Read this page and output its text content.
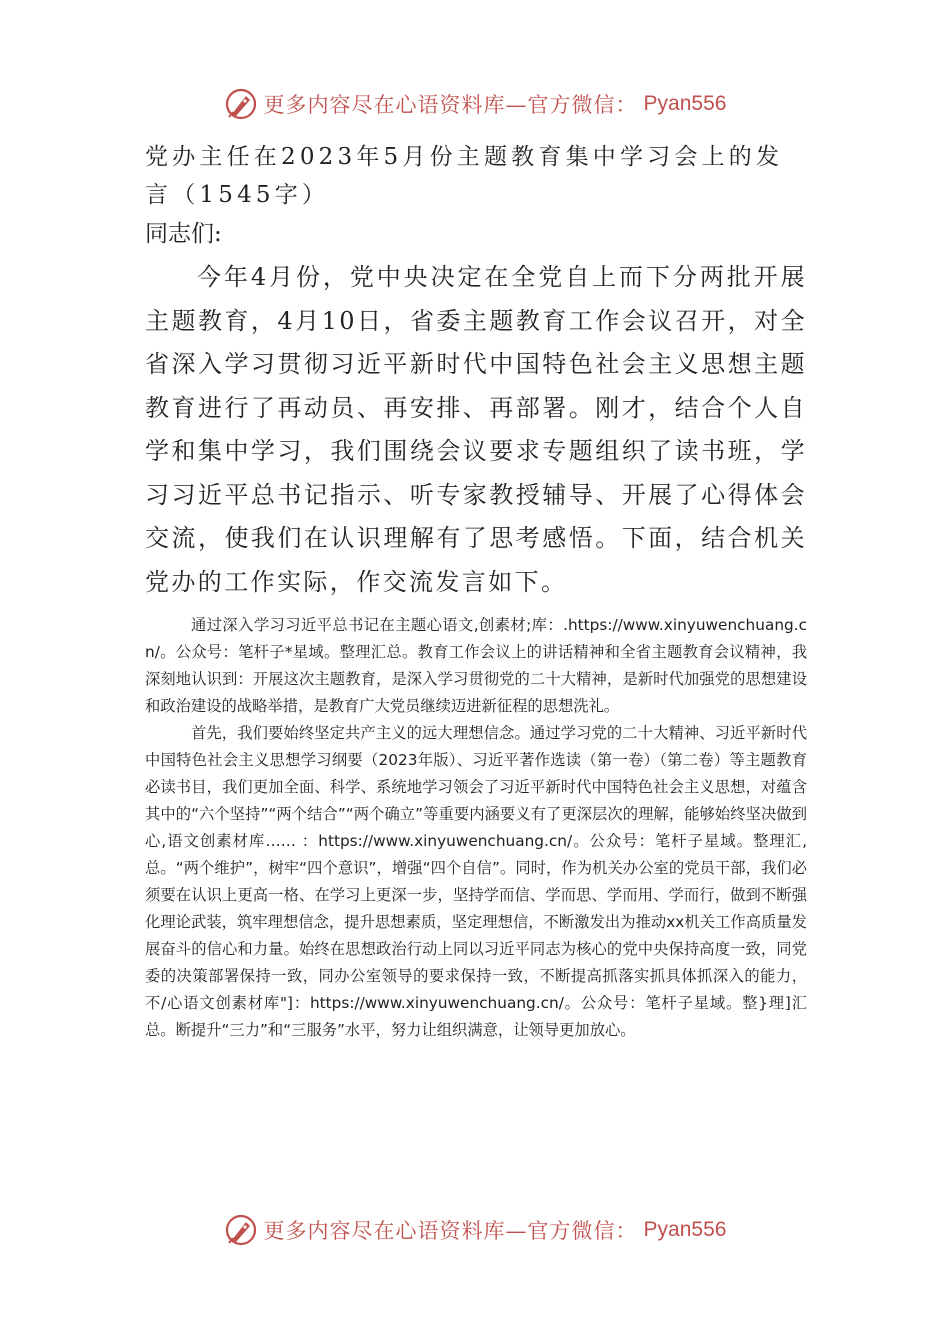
更多内容尽在心语资料库—官方微信： Pyan556
党办主任在2023年5月份主题教育集中学习会上的发言（1545字）

同志们:

今年4月份，党中央决定在全党自上而下分两批开展主题教育，4月10日，省委主题教育工作会议召开，对全省深入学习贯彻习近平新时代中国特色社会主义思想主题教育进行了再动员、再安排、再部署。刚才，结合个人自学和集中学习，我们围绕会议要求专题组织了读书班，学习习近平总书记指示、听专家教授辅导、开展了心得体会交流，使我们在认识理解有了思考感悟。下面，结合机关党办的工作实际，作交流发言如下。

通过深入学习习近平总书记在主题心语文,创素材;库：.https://www.xinyuwenchuang.cn/。公众号：笔杆子*星域。整理汇总。教育工作会议上的讲话精神和全省主题教育会议精神，我深刻地认识到：开展这次主题教育，是深入学习贯彻党的二十大精神，是新时代加强党的思想建设和政治建设的战略举措，是教育广大党员继续迈进新征程的思想洗礼。

首先，我们要始终坚定共产主义的远大理想信念。通过学习党的二十大精神、习近平新时代中国特色社会主义思想学习纲要（2023年版）、习近平著作选读（第一卷）（第二卷）等主题教育必读书目，我们更加全面、科学、系统地学习领会了习近平新时代中国特色社会主义思想，对蕴含其中的“六个坚持”“两个结合”“两个确立”等重要内涵要义有了更深层次的理解，能够始终坚决做到心,语文创素材库…… ：https://www.xinyuwenchuang.cn/。公众号：笔杆子星域。整理汇,总。“两个维护”，树牢“四个意识”，增强“四个自信”。同时，作为机关办公室的党员干部，我们必须要在认识上更高一格、在学习上更深一步，坚持学而信、学而思、学而用、学而行，做到不断强化理论武装，筑牢理想信念，提升思想素质，坚定理想信，不断激发出为推动xx机关工作高质量发展奋斗的信心和力量。始终在思想政治行动上同以习近平同志为核心的党中央保持高度一致，同党委的决策部署保持一致，同办公室领导的要求保持一致，不断提高抓落实抓具体抓深入的能力，不/心语文创素材库"]：https://www.xinyuwenchuang.cn/。公众号：笔杆子星域。整}理]汇总。断提升“三力”和“三服务”水平，努力让组织满意，让领导更加放心。

更多内容尽在心语资料库—官方微信： Pyan556
